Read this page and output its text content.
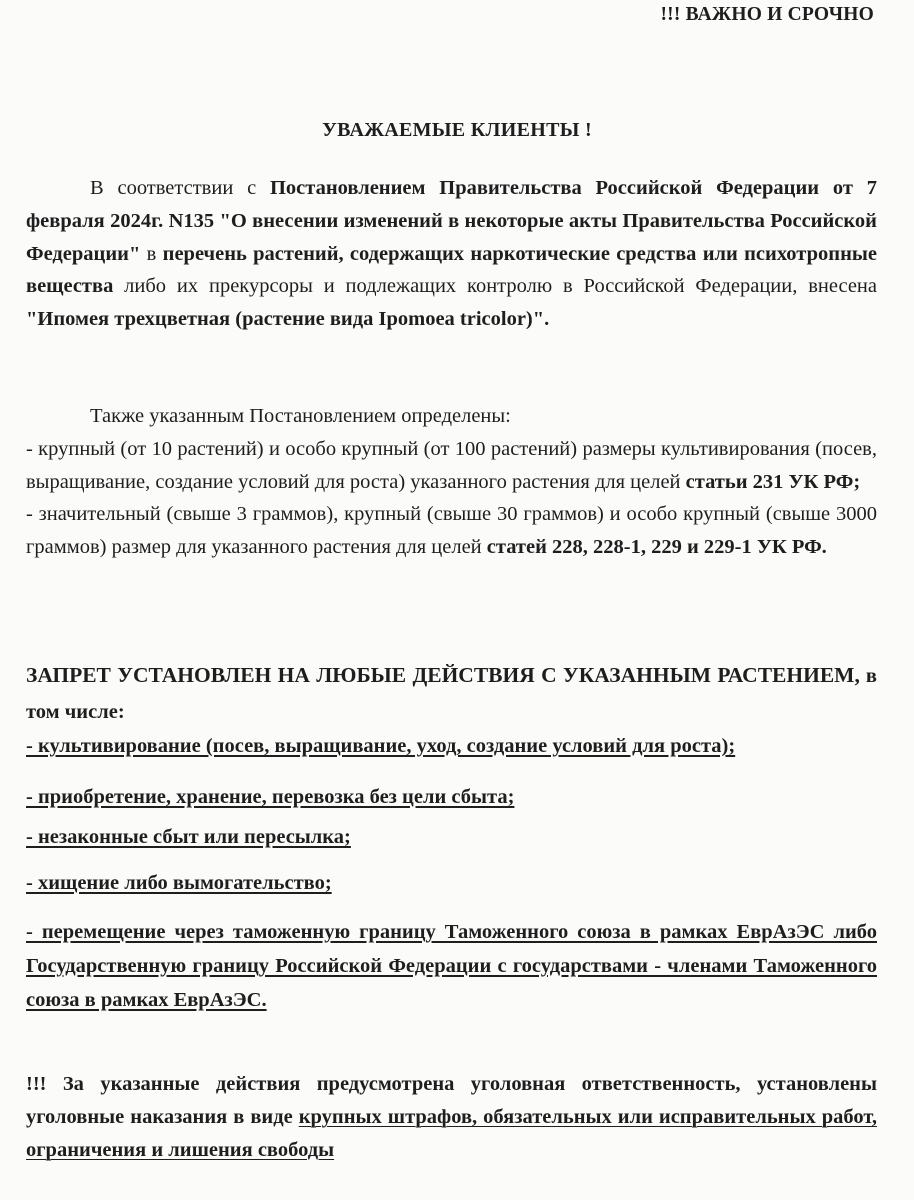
!!! ВАЖНО И СРОЧНО
УВАЖАЕМЫЕ КЛИЕНТЫ !
В соответствии с Постановлением Правительства Российской Федерации от 7 февраля 2024г. N135 "О внесении изменений в некоторые акты Правительства Российской Федерации" в перечень растений, содержащих наркотические средства или психотропные вещества либо их прекурсоры и подлежащих контролю в Российской Федерации, внесена "Ипомея трехцветная (растение вида Ipomoea tricolor)".
Также указанным Постановлением определены:
- крупный (от 10 растений) и особо крупный (от 100 растений) размеры культивирования (посев, выращивание, создание условий для роста) указанного растения для целей статьи 231 УК РФ;
- значительный (свыше 3 граммов), крупный (свыше 30 граммов) и особо крупный (свыше 3000 граммов) размер для указанного растения для целей статей 228, 228-1, 229 и 229-1 УК РФ.
ЗАПРЕТ УСТАНОВЛЕН НА ЛЮБЫЕ ДЕЙСТВИЯ С УКАЗАННЫМ РАСТЕНИЕМ, в том числе:
- культивирование (посев, выращивание, уход, создание условий для роста);
- приобретение, хранение, перевозка без цели сбыта;
- незаконные сбыт или пересылка;
- хищение либо вымогательство;
- перемещение через таможенную границу Таможенного союза в рамках ЕврАзЭС либо Государственную границу Российской Федерации с государствами - членами Таможенного союза в рамках ЕврАзЭС.
!!! За указанные действия предусмотрена уголовная ответственность, установлены уголовные наказания в виде крупных штрафов, обязательных или исправительных работ, ограничения и лишения свободы
